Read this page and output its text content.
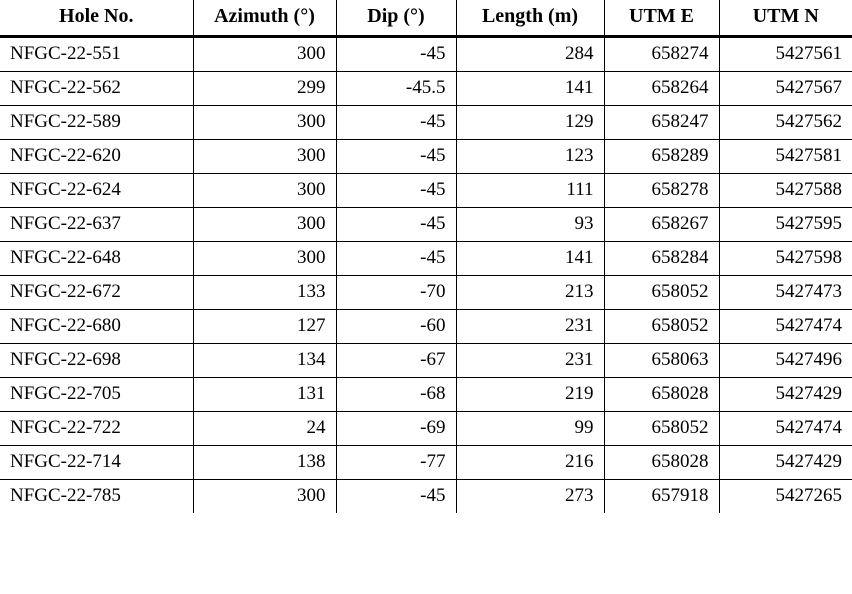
Hole No.	Azimuth (°)	Dip (°)	Length (m)	UTM E	UTM N
NFGC-22-551	300	-45	284	658274	5427561
NFGC-22-562	299	-45.5	141	658264	5427567
NFGC-22-589	300	-45	129	658247	5427562
NFGC-22-620	300	-45	123	658289	5427581
NFGC-22-624	300	-45	111	658278	5427588
NFGC-22-637	300	-45	93	658267	5427595
NFGC-22-648	300	-45	141	658284	5427598
NFGC-22-672	133	-70	213	658052	5427473
NFGC-22-680	127	-60	231	658052	5427474
NFGC-22-698	134	-67	231	658063	5427496
NFGC-22-705	131	-68	219	658028	5427429
NFGC-22-722	24	-69	99	658052	5427474
NFGC-22-714	138	-77	216	658028	5427429
NFGC-22-785	300	-45	273	657918	5427265
